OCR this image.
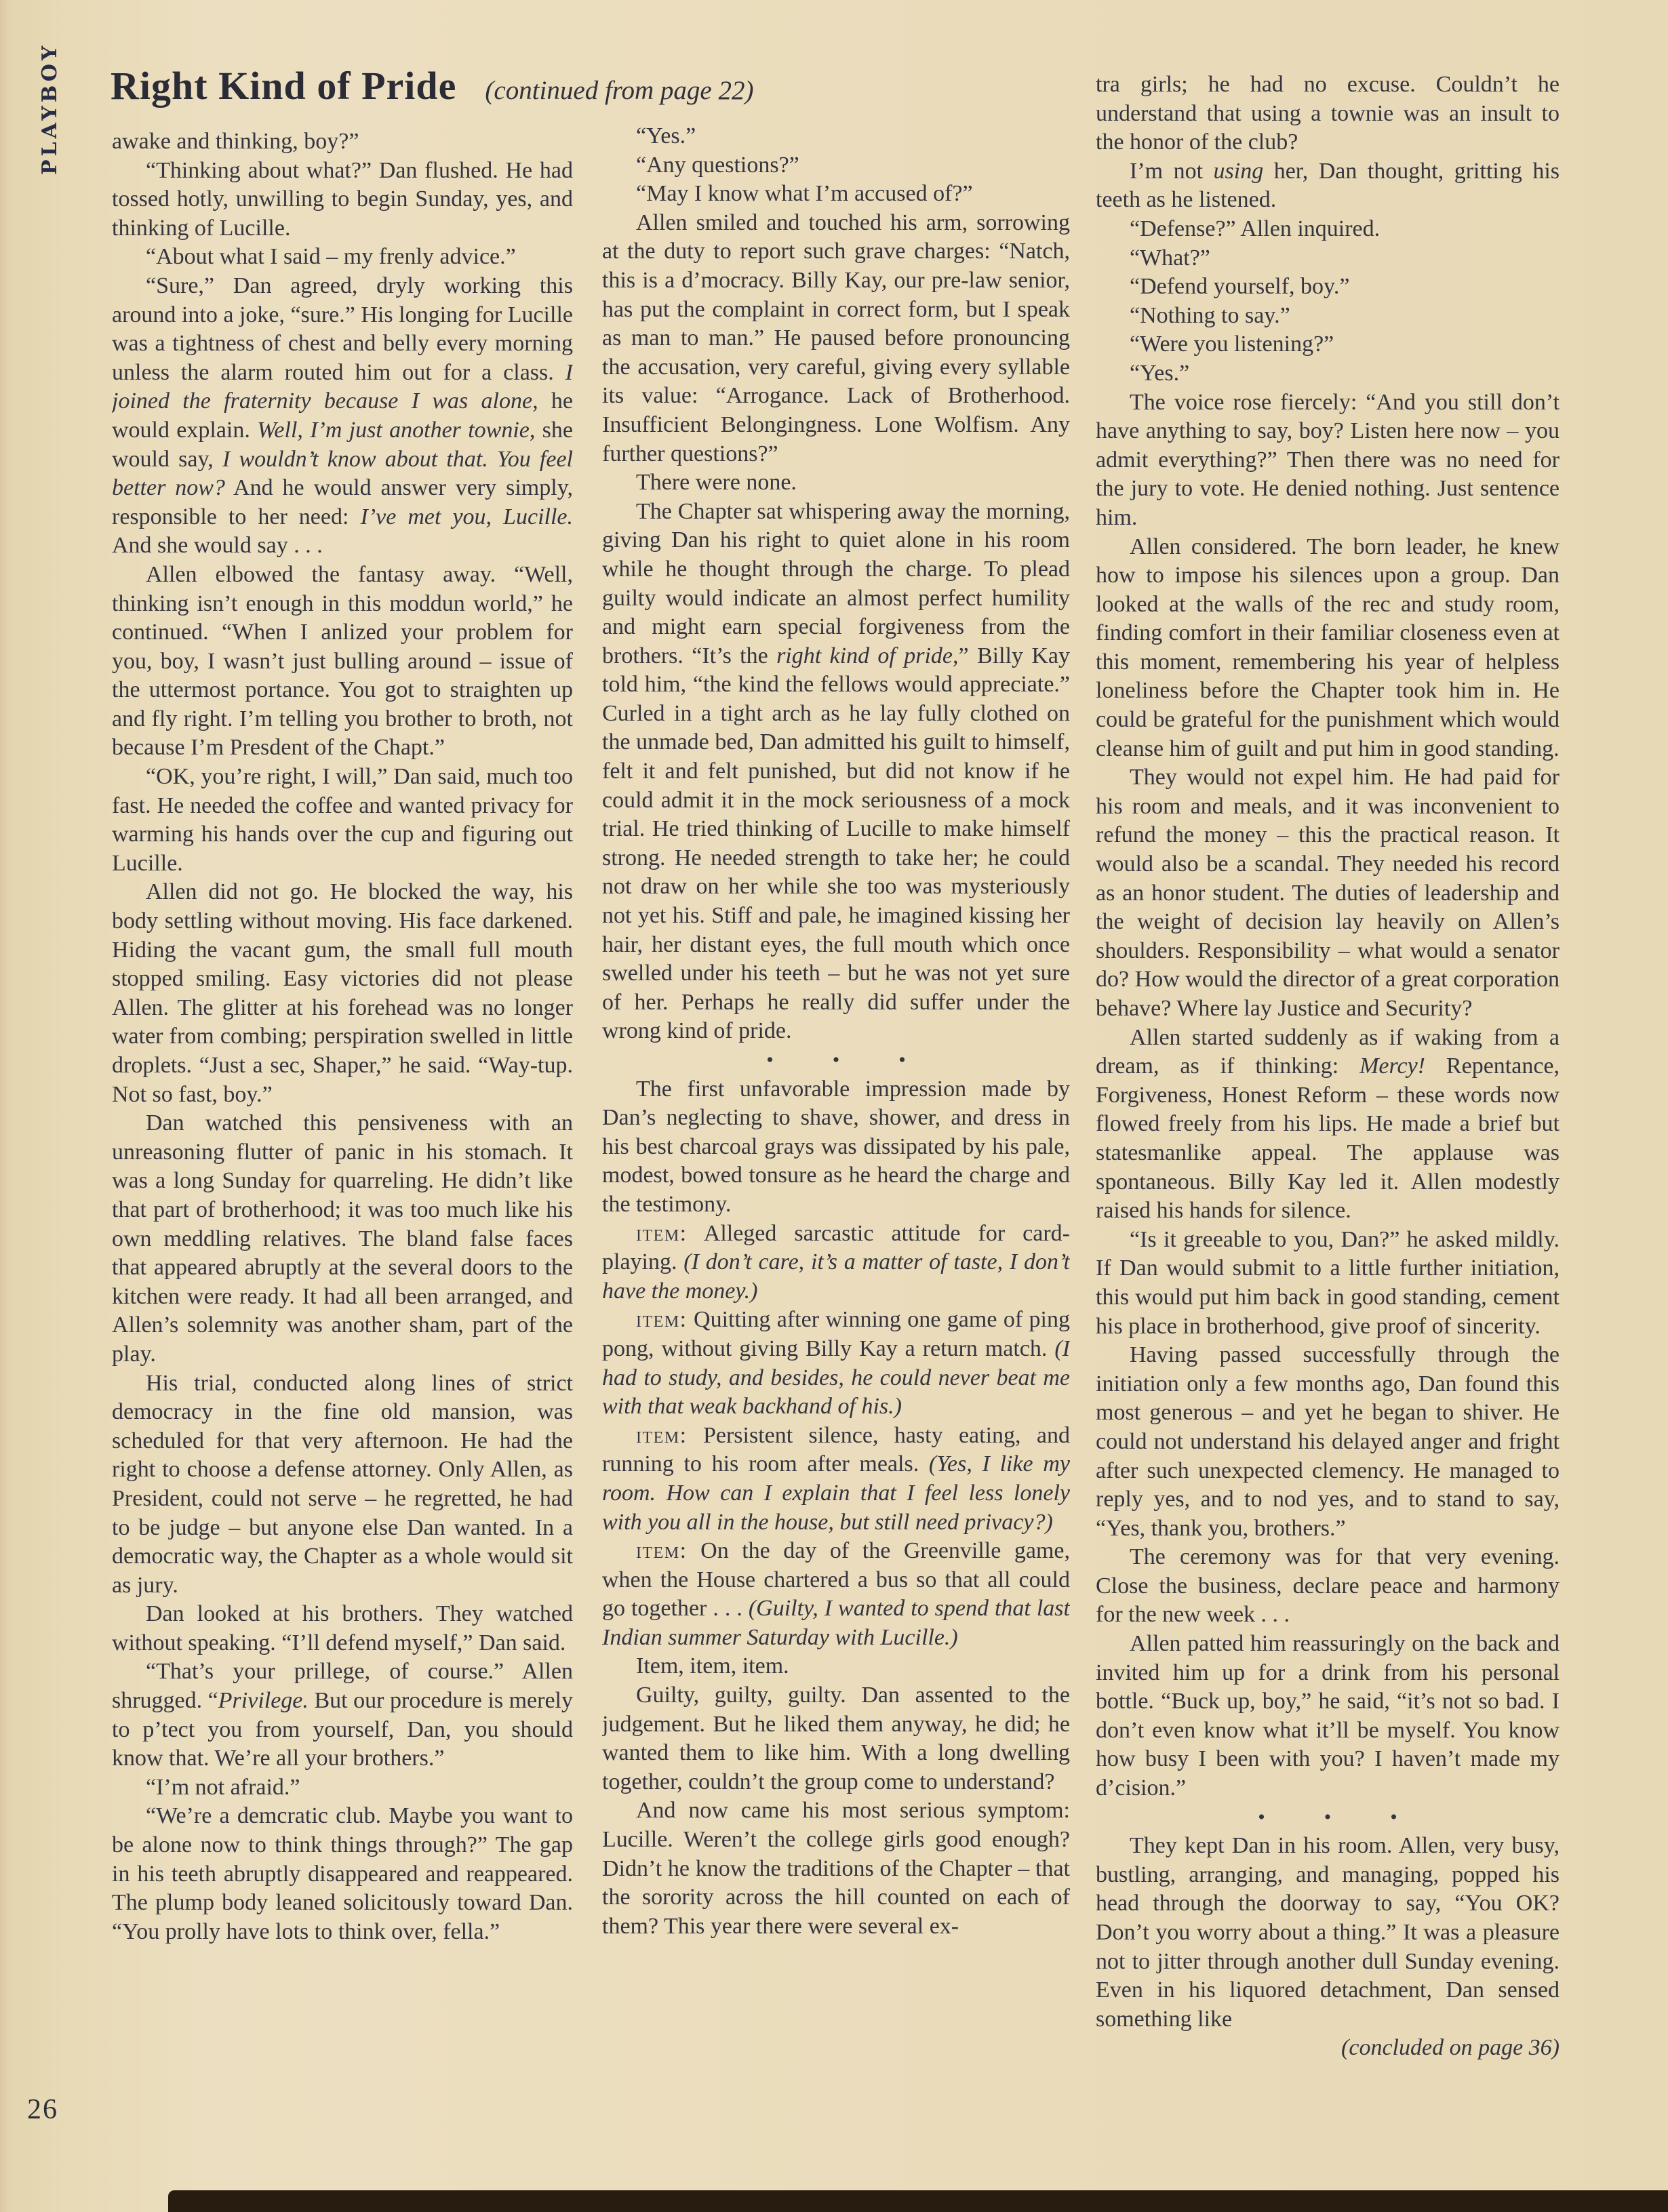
PLAYBOY Right Kind of Pride (continued from page 22)

awake and thinking, boy?”

“Thinking about what?” Dan flushed. He had tossed hotly, unwilling to begin Sunday, yes, and thinking of Lucille.

“About what I said – my frenly advice.”

“Sure,” Dan agreed, dryly working this around into a joke, “sure.” His longing for Lucille was a tightness of chest and belly every morning unless the alarm routed him out for a class. I joined the fraternity because I was alone, he would explain. Well, I’m just another townie, she would say, I wouldn’t know about that. You feel better now? And he would answer very simply, responsible to her need: I’ve met you, Lucille. And she would say . . .

Allen elbowed the fantasy away. “Well, thinking isn’t enough in this moddun world,” he continued. “When I anlized your problem for you, boy, I wasn’t just bulling around – issue of the uttermost portance. You got to straighten up and fly right. I’m telling you brother to broth, not because I’m Presdent of the Chapt.”

“OK, you’re right, I will,” Dan said, much too fast. He needed the coffee and wanted privacy for warming his hands over the cup and figuring out Lucille.

Allen did not go. He blocked the way, his body settling without moving. His face darkened. Hiding the vacant gum, the small full mouth stopped smiling. Easy victories did not please Allen. The glitter at his forehead was no longer water from combing; perspiration swelled in little droplets. “Just a sec, Shaper,” he said. “Way-tup. Not so fast, boy.”

Dan watched this pensiveness with an unreasoning flutter of panic in his stomach. It was a long Sunday for quarreling. He didn’t like that part of brotherhood; it was too much like his own meddling relatives. The bland false faces that appeared abruptly at the several doors to the kitchen were ready. It had all been arranged, and Allen’s solemnity was another sham, part of the play.

His trial, conducted along lines of strict democracy in the fine old mansion, was scheduled for that very afternoon. He had the right to choose a defense attorney. Only Allen, as President, could not serve – he regretted, he had to be judge – but anyone else Dan wanted. In a democratic way, the Chapter as a whole would sit as jury.

Dan looked at his brothers. They watched without speaking. “I’ll defend myself,” Dan said.

“That’s your prillege, of course.” Allen shrugged. “Privilege. But our procedure is merely to p’tect you from yourself, Dan, you should know that. We’re all your brothers.”

“I’m not afraid.”

“We’re a demcratic club. Maybe you want to be alone now to think things through?” The gap in his teeth abruptly disappeared and reappeared. The plump body leaned solicitously toward Dan. “You prolly have lots to think over, fella.”

“Yes.”

“Any questions?”

“May I know what I’m accused of?”

Allen smiled and touched his arm, sorrowing at the duty to report such grave charges: “Natch, this is a d’mocracy. Billy Kay, our pre-law senior, has put the complaint in correct form, but I speak as man to man.” He paused before pronouncing the accusation, very careful, giving every syllable its value: “Arrogance. Lack of Brotherhood. Insufficient Belongingness. Lone Wolfism. Any further questions?”

There were none.

The Chapter sat whispering away the morning, giving Dan his right to quiet alone in his room while he thought through the charge. To plead guilty would indicate an almost perfect humility and might earn special forgiveness from the brothers. “It’s the right kind of pride,” Billy Kay told him, “the kind the fellows would appreciate.” Curled in a tight arch as he lay fully clothed on the unmade bed, Dan admitted his guilt to himself, felt it and felt punished, but did not know if he could admit it in the mock seriousness of a mock trial. He tried thinking of Lucille to make himself strong. He needed strength to take her; he could not draw on her while she too was mysteriously not yet his. Stiff and pale, he imagined kissing her hair, her distant eyes, the full mouth which once swelled under his teeth – but he was not yet sure of her. Perhaps he really did suffer under the wrong kind of pride.

• • •

The first unfavorable impression made by Dan’s neglecting to shave, shower, and dress in his best charcoal grays was dissipated by his pale, modest, bowed tonsure as he heard the charge and the testimony.

item: Alleged sarcastic attitude for card-playing. (I don’t care, it’s a matter of taste, I don’t have the money.)

item: Quitting after winning one game of ping pong, without giving Billy Kay a return match. (I had to study, and besides, he could never beat me with that weak backhand of his.)

item: Persistent silence, hasty eating, and running to his room after meals. (Yes, I like my room. How can I explain that I feel less lonely with you all in the house, but still need privacy?)

item: On the day of the Greenville game, when the House chartered a bus so that all could go together . . . (Guilty, I wanted to spend that last Indian summer Saturday with Lucille.)

Item, item, item.

Guilty, guilty, guilty. Dan assented to the judgement. But he liked them anyway, he did; he wanted them to like him. With a long dwelling together, couldn’t the group come to understand?

And now came his most serious symptom: Lucille. Weren’t the college girls good enough? Didn’t he know the traditions of the Chapter – that the sorority across the hill counted on each of them? This year there were several ex-

tra girls; he had no excuse. Couldn’t he understand that using a townie was an insult to the honor of the club?

I’m not using her, Dan thought, gritting his teeth as he listened.

“Defense?” Allen inquired.

“What?”

“Defend yourself, boy.”

“Nothing to say.”

“Were you listening?”

“Yes.”

The voice rose fiercely: “And you still don’t have anything to say, boy? Listen here now – you admit everything?” Then there was no need for the jury to vote. He denied nothing. Just sentence him.

Allen considered. The born leader, he knew how to impose his silences upon a group. Dan looked at the walls of the rec and study room, finding comfort in their familiar closeness even at this moment, remembering his year of helpless loneliness before the Chapter took him in. He could be grateful for the punishment which would cleanse him of guilt and put him in good standing.

They would not expel him. He had paid for his room and meals, and it was inconvenient to refund the money – this the practical reason. It would also be a scandal. They needed his record as an honor student. The duties of leadership and the weight of decision lay heavily on Allen’s shoulders. Responsibility – what would a senator do? How would the director of a great corporation behave? Where lay Justice and Security?

Allen started suddenly as if waking from a dream, as if thinking: Mercy! Repentance, Forgiveness, Honest Reform – these words now flowed freely from his lips. He made a brief but statesmanlike appeal. The applause was spontaneous. Billy Kay led it. Allen modestly raised his hands for silence.

“Is it greeable to you, Dan?” he asked mildly. If Dan would submit to a little further initiation, this would put him back in good standing, cement his place in brotherhood, give proof of sincerity.

Having passed successfully through the initiation only a few months ago, Dan found this most generous – and yet he began to shiver. He could not understand his delayed anger and fright after such unexpected clemency. He managed to reply yes, and to nod yes, and to stand to say, “Yes, thank you, brothers.”

The ceremony was for that very evening. Close the business, declare peace and harmony for the new week . . .

Allen patted him reassuringly on the back and invited him up for a drink from his personal bottle. “Buck up, boy,” he said, “it’s not so bad. I don’t even know what it’ll be myself. You know how busy I been with you? I haven’t made my d’cision.”

• • •

They kept Dan in his room. Allen, very busy, bustling, arranging, and managing, popped his head through the doorway to say, “You OK? Don’t you worry about a thing.” It was a pleasure not to jitter through another dull Sunday evening. Even in his liquored detachment, Dan sensed something like

(concluded on page 36)

26
